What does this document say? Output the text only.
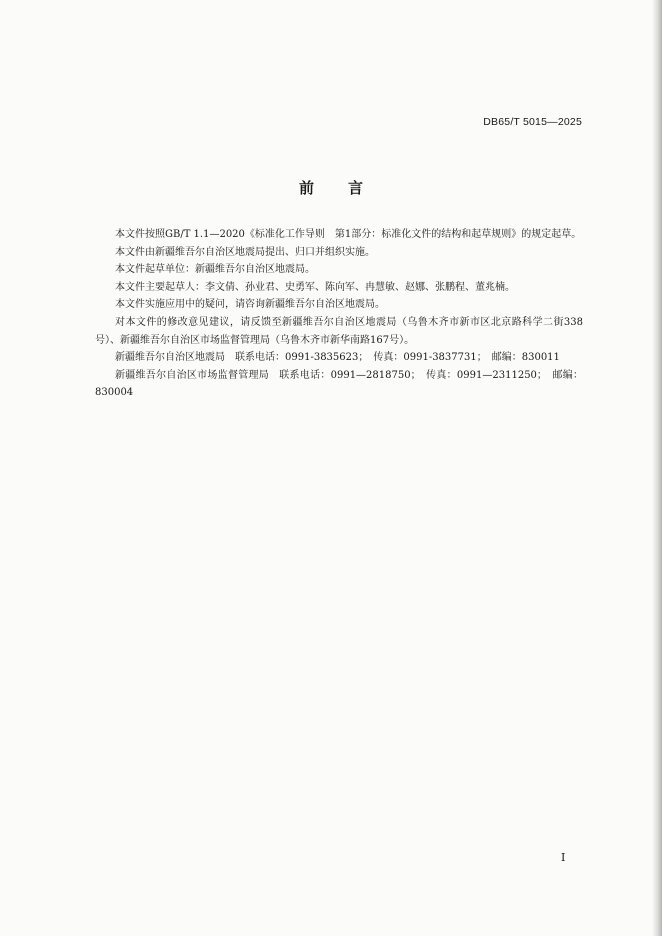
DB65/T 5015—2025
前 言

本文件按照GB/T 1.1—2020《标准化工作导则　第1部分：标准化文件的结构和起草规则》的规定起草。

本文件由新疆维吾尔自治区地震局提出、归口并组织实施。

本文件起草单位：新疆维吾尔自治区地震局。

本文件主要起草人：李文倩、孙业君、史勇军、陈向军、冉慧敏、赵娜、张鹏程、董兆楠。

本文件实施应用中的疑问，请咨询新疆维吾尔自治区地震局。

对本文件的修改意见建议，请反馈至新疆维吾尔自治区地震局（乌鲁木齐市新市区北京路科学二街338号）、新疆维吾尔自治区市场监督管理局（乌鲁木齐市新华南路167号）。

新疆维吾尔自治区地震局　联系电话：0991-3835623；　传真：0991-3837731；　邮编：830011

新疆维吾尔自治区市场监督管理局　联系电话：0991—2818750；　传真：0991—2311250；　邮编：830004

I
